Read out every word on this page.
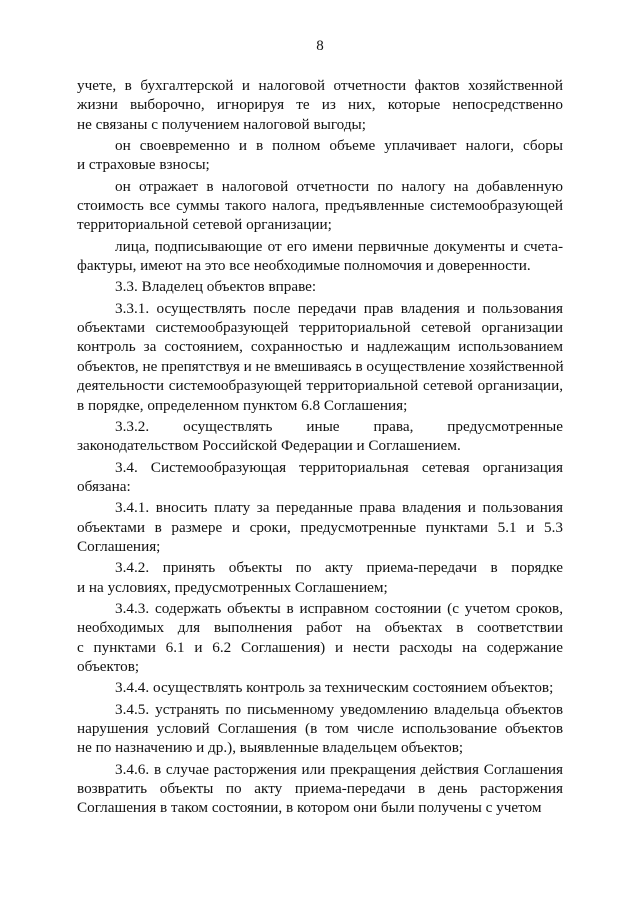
8
учете, в бухгалтерской и налоговой отчетности фактов хозяйственной
жизни выборочно, игнорируя те из них, которые непосредственно
не связаны с получением налоговой выгоды;
он своевременно и в полном объеме уплачивает налоги, сборы
и страховые взносы;
он отражает в налоговой отчетности по налогу на добавленную
стоимость все суммы такого налога, предъявленные системообразующей
территориальной сетевой организации;
лица, подписывающие от его имени первичные документы и счета-
фактуры, имеют на это все необходимые полномочия и доверенности.
3.3. Владелец объектов вправе:
3.3.1. осуществлять после передачи прав владения и пользования
объектами системообразующей территориальной сетевой организации
контроль за состоянием, сохранностью и надлежащим использованием
объектов, не препятствуя и не вмешиваясь в осуществление хозяйственной
деятельности системообразующей территориальной сетевой организации,
в порядке, определенном пунктом 6.8 Соглашения;
3.3.2. осуществлять иные права, предусмотренные
законодательством Российской Федерации и Соглашением.
3.4. Системообразующая территориальная сетевая организация
обязана:
3.4.1. вносить плату за переданные права владения и пользования
объектами в размере и сроки, предусмотренные пунктами 5.1 и 5.3
Соглашения;
3.4.2. принять объекты по акту приема-передачи в порядке
и на условиях, предусмотренных Соглашением;
3.4.3. содержать объекты в исправном состоянии (с учетом сроков,
необходимых для выполнения работ на объектах в соответствии
с пунктами 6.1 и 6.2 Соглашения) и нести расходы на содержание
объектов;
3.4.4. осуществлять контроль за техническим состоянием объектов;
3.4.5. устранять по письменному уведомлению владельца объектов
нарушения условий Соглашения (в том числе использование объектов
не по назначению и др.), выявленные владельцем объектов;
3.4.6. в случае расторжения или прекращения действия Соглашения
возвратить объекты по акту приема-передачи в день расторжения
Соглашения в таком состоянии, в котором они были получены с учетом
